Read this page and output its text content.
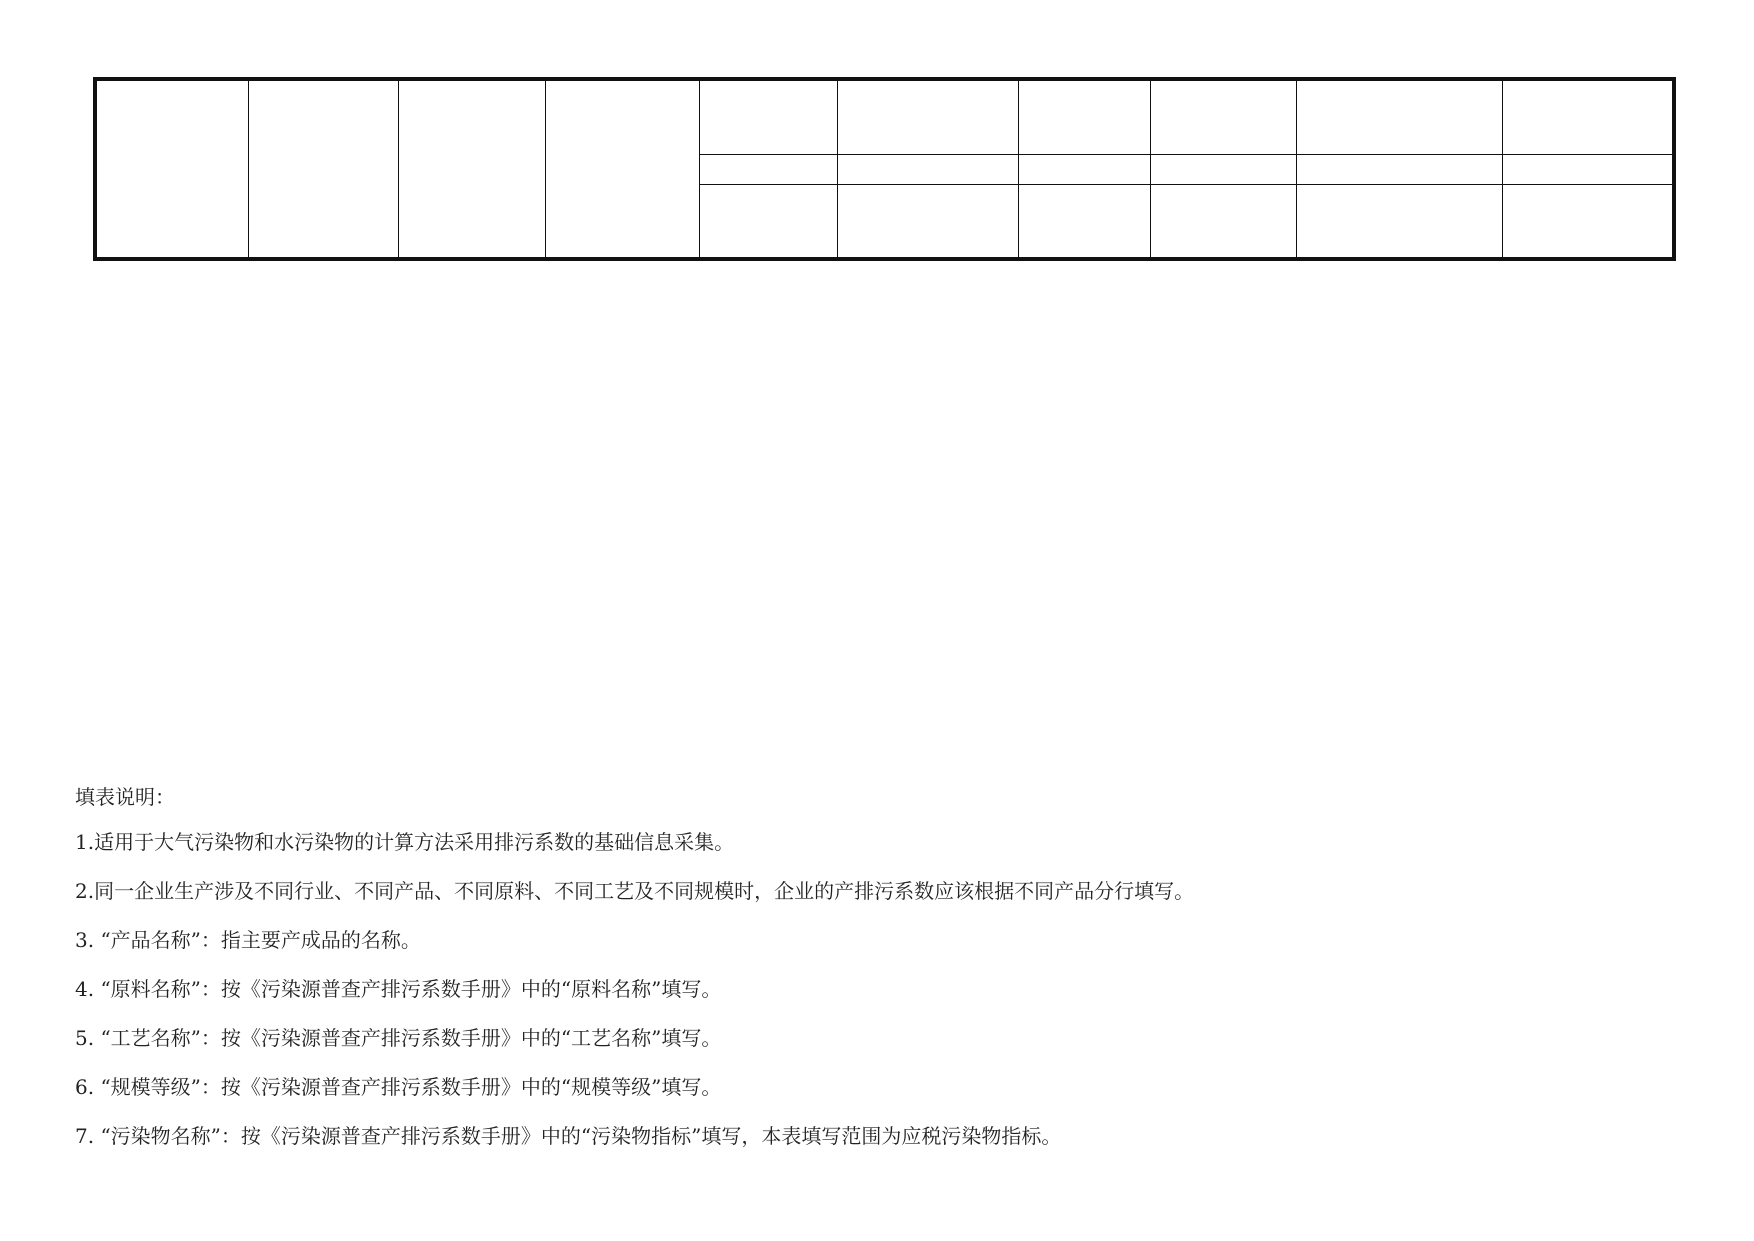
填表说明：
1.适用于大气污染物和水污染物的计算方法采用排污系数的基础信息采集。
2.同一企业生产涉及不同行业、不同产品、不同原料、不同工艺及不同规模时，企业的产排污系数应该根据不同产品分行填写。
3. “产品名称”：指主要产成品的名称。
4. “原料名称”：按《污染源普查产排污系数手册》中的“原料名称”填写。
5. “工艺名称”：按《污染源普查产排污系数手册》中的“工艺名称”填写。
6. “规模等级”：按《污染源普查产排污系数手册》中的“规模等级”填写。
7. “污染物名称”：按《污染源普查产排污系数手册》中的“污染物指标”填写，本表填写范围为应税污染物指标。
